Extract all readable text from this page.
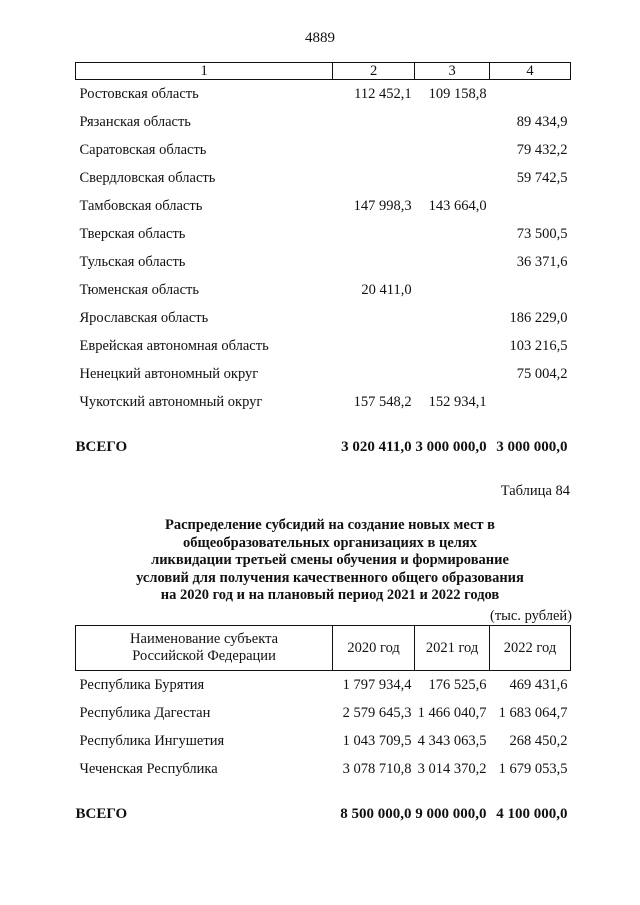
4889
1	2	3	4
Ростовская область	112 452,1	109 158,8	
Рязанская область			89 434,9
Саратовская область			79 432,2
Свердловская область			59 742,5
Тамбовская область	147 998,3	143 664,0	
Тверская область			73 500,5
Тульская область			36 371,6
Тюменская область	20 411,0		
Ярославская область			186 229,0
Еврейская автономная область			103 216,5
Ненецкий автономный округ			75 004,2
Чукотский автономный округ	157 548,2	152 934,1	
ВСЕГО	3 020 411,0	3 000 000,0	3 000 000,0
Таблица 84
Распределение субсидий на создание новых мест в
общеобразовательных организациях в целях
ликвидации третьей смены обучения и формирование
условий для получения качественного общего образования
на 2020 год и на плановый период 2021 и 2022 годов
(тыс. рублей)
Наименование субъекта
Российской Федерации	2020 год	2021 год	2022 год
Республика Бурятия	1 797 934,4	176 525,6	469 431,6
Республика Дагестан	2 579 645,3	1 466 040,7	1 683 064,7
Республика Ингушетия	1 043 709,5	4 343 063,5	268 450,2
Чеченская Республика	3 078 710,8	3 014 370,2	1 679 053,5
ВСЕГО	8 500 000,0	9 000 000,0	4 100 000,0
